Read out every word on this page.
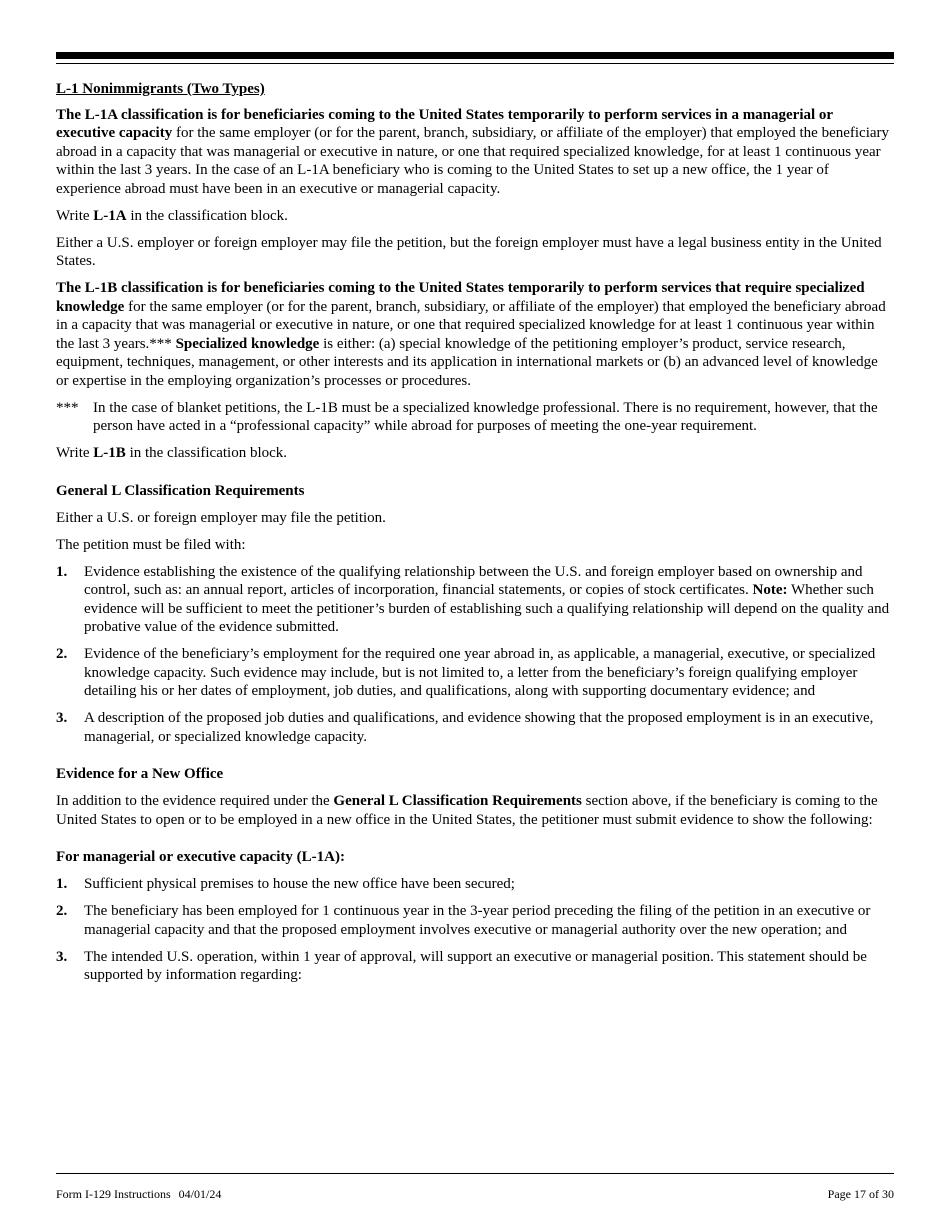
L-1 Nonimmigrants (Two Types)

The L-1A classification is for beneficiaries coming to the United States temporarily to perform services in a managerial or executive capacity for the same employer (or for the parent, branch, subsidiary, or affiliate of the employer) that employed the beneficiary abroad in a capacity that was managerial or executive in nature, or one that required specialized knowledge, for at least 1 continuous year within the last 3 years. In the case of an L-1A beneficiary who is coming to the United States to set up a new office, the 1 year of experience abroad must have been in an executive or managerial capacity.

Write L-1A in the classification block.

Either a U.S. employer or foreign employer may file the petition, but the foreign employer must have a legal business entity in the United States.

The L-1B classification is for beneficiaries coming to the United States temporarily to perform services that require specialized knowledge for the same employer (or for the parent, branch, subsidiary, or affiliate of the employer) that employed the beneficiary abroad in a capacity that was managerial or executive in nature, or one that required specialized knowledge for at least 1 continuous year within the last 3 years.*** Specialized knowledge is either: (a) special knowledge of the petitioning employer’s product, service research, equipment, techniques, management, or other interests and its application in international markets or (b) an advanced level of knowledge or expertise in the employing organization’s processes or procedures.

*** In the case of blanket petitions, the L-1B must be a specialized knowledge professional. There is no requirement, however, that the person have acted in a “professional capacity” while abroad for purposes of meeting the one-year requirement.

Write L-1B in the classification block.

General L Classification Requirements

Either a U.S. or foreign employer may file the petition.

The petition must be filed with:

1. Evidence establishing the existence of the qualifying relationship between the U.S. and foreign employer based on ownership and control, such as: an annual report, articles of incorporation, financial statements, or copies of stock certificates. Note: Whether such evidence will be sufficient to meet the petitioner’s burden of establishing such a qualifying relationship will depend on the quality and probative value of the evidence submitted.
2. Evidence of the beneficiary’s employment for the required one year abroad in, as applicable, a managerial, executive, or specialized knowledge capacity. Such evidence may include, but is not limited to, a letter from the beneficiary’s foreign qualifying employer detailing his or her dates of employment, job duties, and qualifications, along with supporting documentary evidence; and
3. A description of the proposed job duties and qualifications, and evidence showing that the proposed employment is in an executive, managerial, or specialized knowledge capacity.

Evidence for a New Office

In addition to the evidence required under the General L Classification Requirements section above, if the beneficiary is coming to the United States to open or to be employed in a new office in the United States, the petitioner must submit evidence to show the following:

For managerial or executive capacity (L-1A):

1. Sufficient physical premises to house the new office have been secured;
2. The beneficiary has been employed for 1 continuous year in the 3-year period preceding the filing of the petition in an executive or managerial capacity and that the proposed employment involves executive or managerial authority over the new operation; and
3. The intended U.S. operation, within 1 year of approval, will support an executive or managerial position. This statement should be supported by information regarding:
Form I-129 Instructions 04/01/24	Page 17 of 30
